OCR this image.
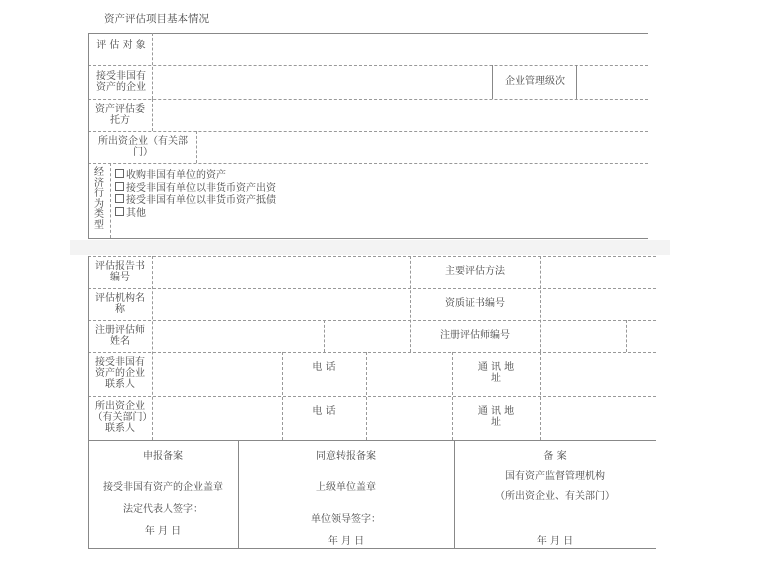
资产评估项目基本情况
评 估 对 象
接受非国有资产的企业
企业管理级次
资产评估委托方
所出资企业（有关部门）
经
济
行
为
类
型
收购非国有单位的资产
接受非国有单位以非货币资产出资
接受非国有单位以非货币资产抵债
其他
评估报告书编号
主要评估方法
评估机构名称
资质证书编号
注册评估师姓名
注册评估师编号
接受非国有资产的企业联系人
电 话	通 讯 地 址
所出资企业（有关部门）联系人
电 话	通 讯 地 址
申报备案
接受非国有资产的企业盖章
法定代表人签字：
年 月 日
同意转报备案
上级单位盖章
单位领导签字：
年 月 日
备 案
国有资产监督管理机构
（所出资企业、有关部门）
年 月 日
